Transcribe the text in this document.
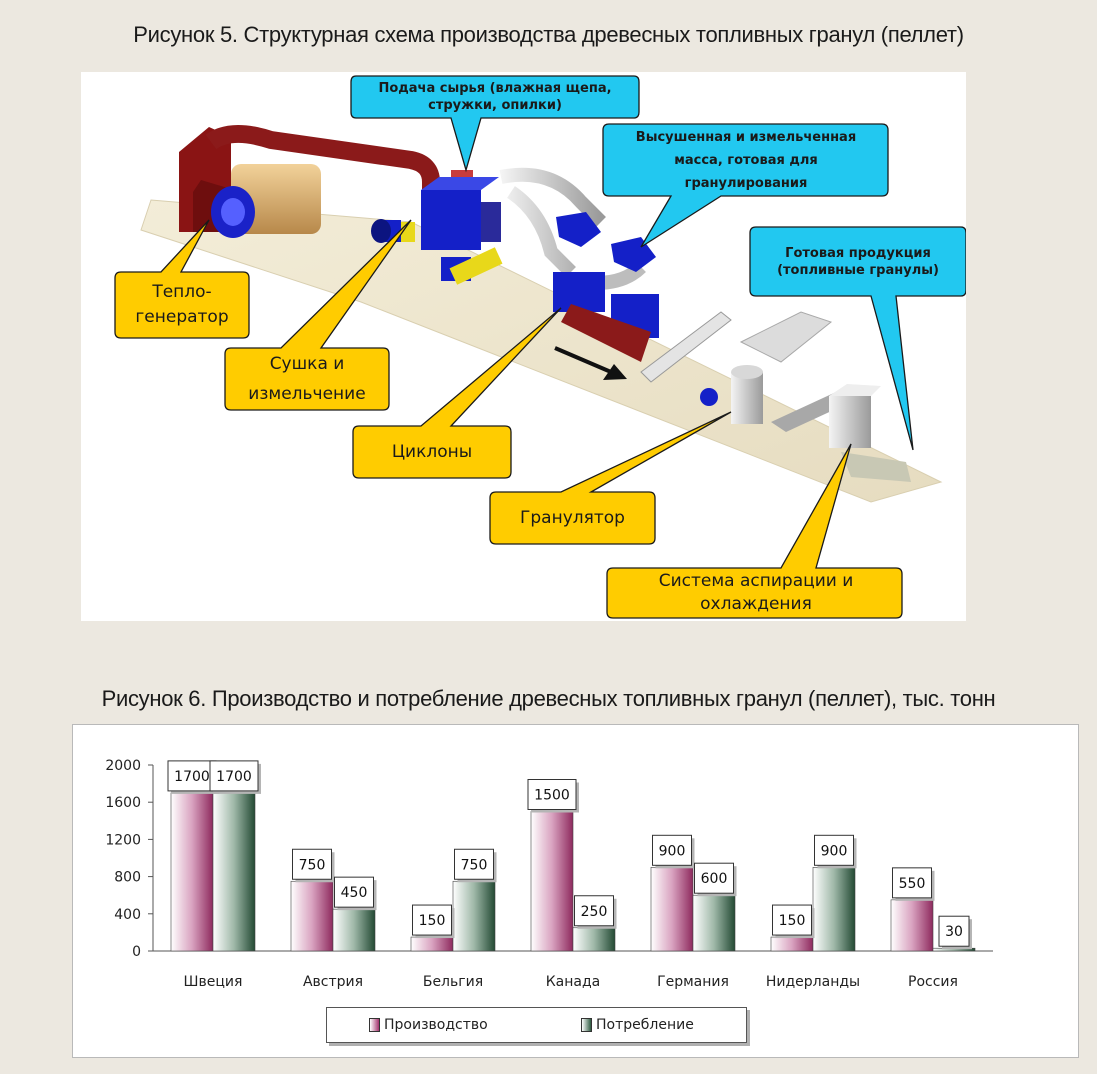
Рисунок 5. Структурная схема производства древесных топливных гранул (пеллет)
Подача сырья (влажная щепа, стружки, опилки)
Высушенная и измельченная масса, готовая для гранулирования
Готовая продукция (топливные гранулы)
Тепло-
генератор
Сушка и измельчение
Циклоны
Гранулятор
Система аспирации и охлаждения
Рисунок 6. Производство и потребление древесных топливных гранул (пеллет), тыс. тонн
0
400
800
1200
1600
2000
Швеция
1700 1700
Австрия
750
450
Бельгия
150
750
Канада
1500
250
Германия
900
600
Нидерланды
150
900
Россия
550
30
Производство	Потребление
